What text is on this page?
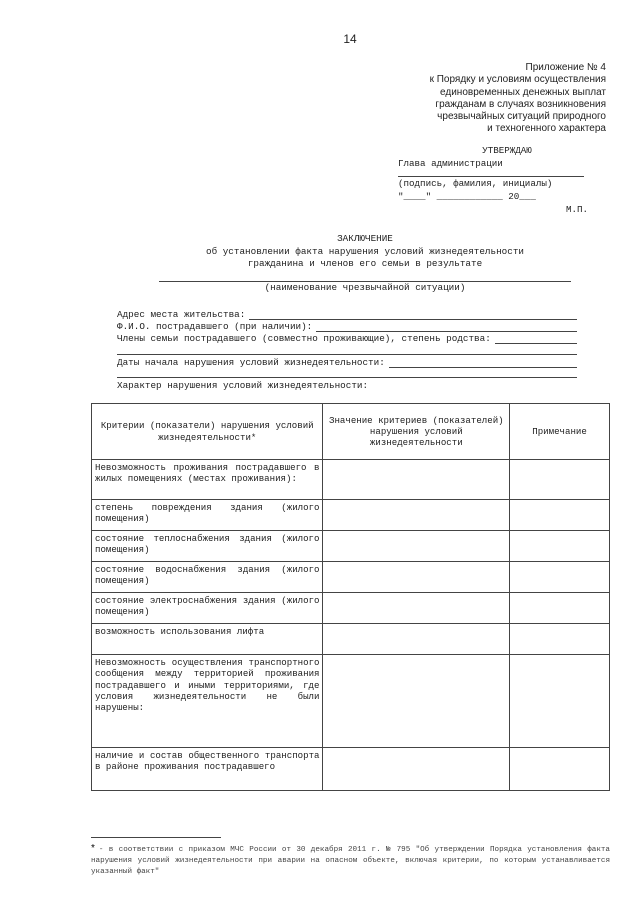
14
Приложение № 4
к Порядку и условиям осуществления
единовременных денежных выплат
гражданам в случаях возникновения
чрезвычайных ситуаций природного
и техногенного характера
УТВЕРЖДАЮ
Глава администрации
(подпись, фамилия, инициалы)
"____" ____________ 20___
М.П.
ЗАКЛЮЧЕНИЕ
об установлении факта нарушения условий жизнедеятельности
гражданина и членов его семьи в результате
(наименование чрезвычайной ситуации)
Адрес места жительства:
Ф.И.О. пострадавшего (при наличии):
Члены семьи пострадавшего (совместно проживающие), степень родства:
Даты начала нарушения условий жизнедеятельности:
Характер нарушения условий жизнедеятельности:
Критерии (показатели) нарушения условий жизнедеятельности*	Значение критериев (показателей) нарушения условий жизнедеятельности	Примечание
Невозможность проживания пострадавшего в жилых помещениях (местах проживания):		
степень повреждения здания (жилого помещения)		
состояние теплоснабжения здания (жилого помещения)		
состояние водоснабжения здания (жилого помещения)		
состояние электроснабжения здания (жилого помещения)		
возможность использования лифта		
Невозможность осуществления транспортного сообщения между территорией проживания пострадавшего и иными территориями, где условия жизнедеятельности не были нарушены:		
наличие и состав общественного транспорта в районе проживания пострадавшего		
* - в соответствии с приказом МЧС России от 30 декабря 2011 г. № 795 "Об утверждении Порядка установления факта нарушения условий жизнедеятельности при аварии на опасном объекте, включая критерии, по которым устанавливается указанный факт"
